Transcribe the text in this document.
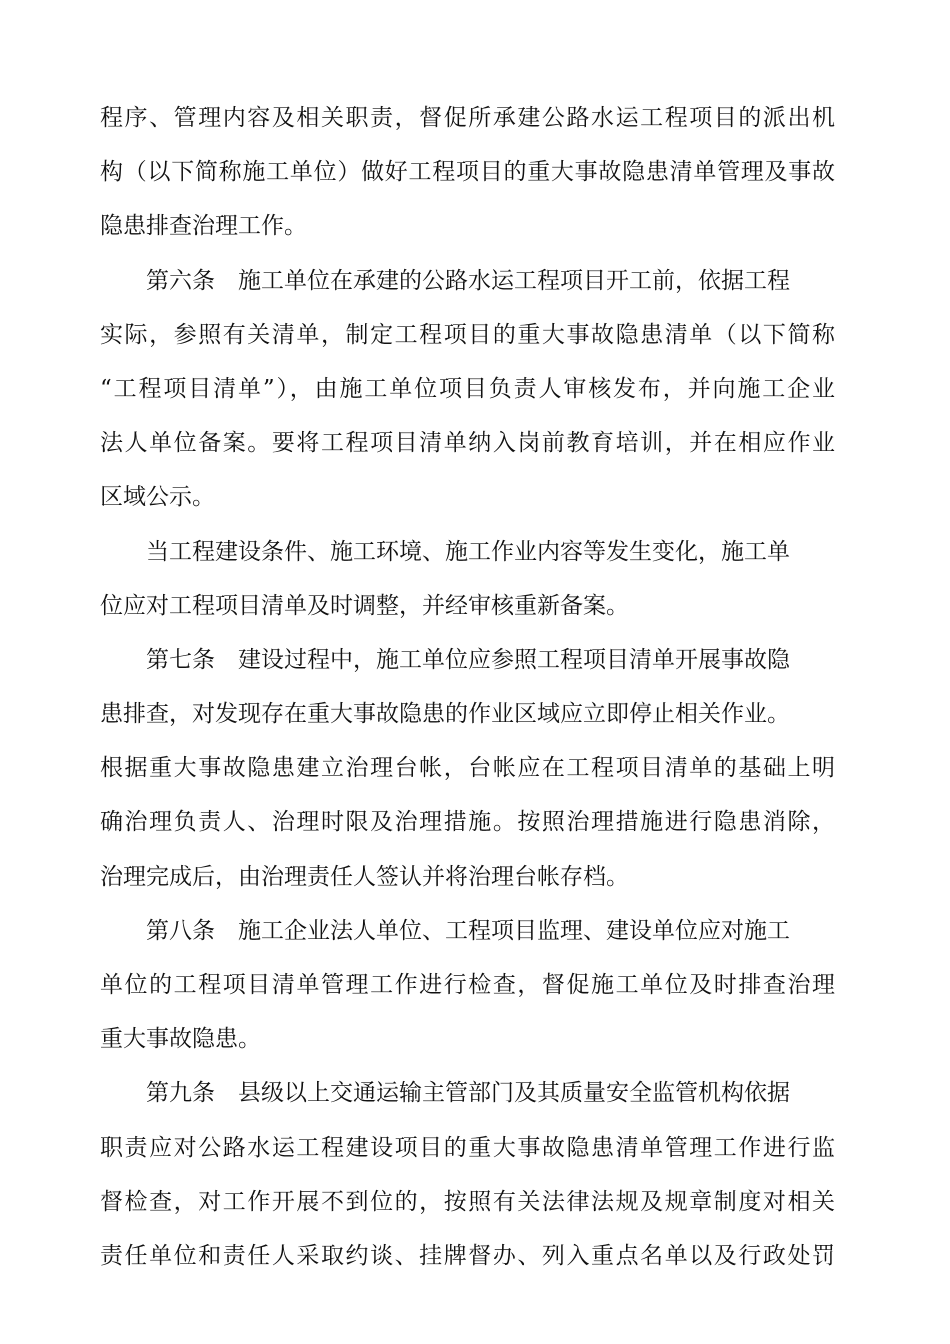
程序、管理内容及相关职责，督促所承建公路水运工程项目的派出机
构（以下简称施工单位）做好工程项目的重大事故隐患清单管理及事故
隐患排查治理工作。
第六条　施工单位在承建的公路水运工程项目开工前，依据工程
实际，参照有关清单，制定工程项目的重大事故隐患清单（以下简称
“工程项目清单”），由施工单位项目负责人审核发布，并向施工企业
法人单位备案。要将工程项目清单纳入岗前教育培训，并在相应作业
区域公示。
当工程建设条件、施工环境、施工作业内容等发生变化，施工单
位应对工程项目清单及时调整，并经审核重新备案。
第七条　建设过程中，施工单位应参照工程项目清单开展事故隐
患排查，对发现存在重大事故隐患的作业区域应立即停止相关作业。
根据重大事故隐患建立治理台帐，台帐应在工程项目清单的基础上明
确治理负责人、治理时限及治理措施。按照治理措施进行隐患消除，
治理完成后，由治理责任人签认并将治理台帐存档。
第八条　施工企业法人单位、工程项目监理、建设单位应对施工
单位的工程项目清单管理工作进行检查，督促施工单位及时排查治理
重大事故隐患。
第九条　县级以上交通运输主管部门及其质量安全监管机构依据
职责应对公路水运工程建设项目的重大事故隐患清单管理工作进行监
督检查，对工作开展不到位的，按照有关法律法规及规章制度对相关
责任单位和责任人采取约谈、挂牌督办、列入重点名单以及行政处罚
